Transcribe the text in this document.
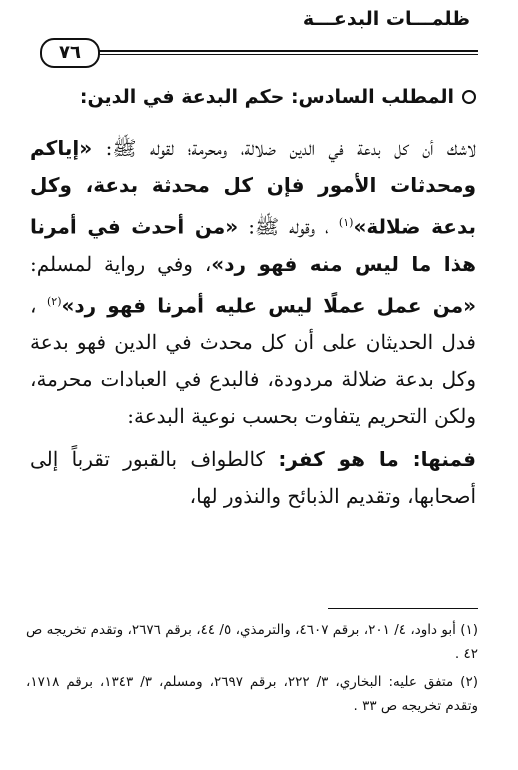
ظلمـــات البدعـــة
٧٦
المطلب السادس: حكم البدعة في الدين:

لاشك أن كل بدعة في الدين ضلالة، ومحرمة؛ لقوله ﷺ: «إياكم ومحدثات الأمور فإن كل محدثة بدعة، وكل بدعة ضلالة»$^{(١)}$ ، وقوله ﷺ: «من أحدث في أمرنا هذا ما ليس منه فهو رد»، وفي رواية لمسلم: «من عمل عملًا ليس عليه أمرنا فهو رد»$^{(٢)}$ ، فدل الحديثان على أن كل محدث في الدين فهو بدعة وكل بدعة ضلالة مردودة، فالبدع في العبادات محرمة، ولكن التحريم يتفاوت بحسب نوعية البدعة:

فمنها: ما هو كفر: كالطواف بالقبور تقرباً إلى أصحابها، وتقديم الذبائح والنذور لها،

(١) أبو داود، ٤/ ٢٠١، برقم ٤٦٠٧، والترمذي، ٥/ ٤٤، برقم ٢٦٧٦، وتقدم تخريجه ص ٤٢ .

(٢) متفق عليه: البخاري، ٣/ ٢٢٢، برقم ٢٦٩٧، ومسلم، ٣/ ١٣٤٣، برقم ١٧١٨، وتقدم تخريجه ص ٣٣ .
